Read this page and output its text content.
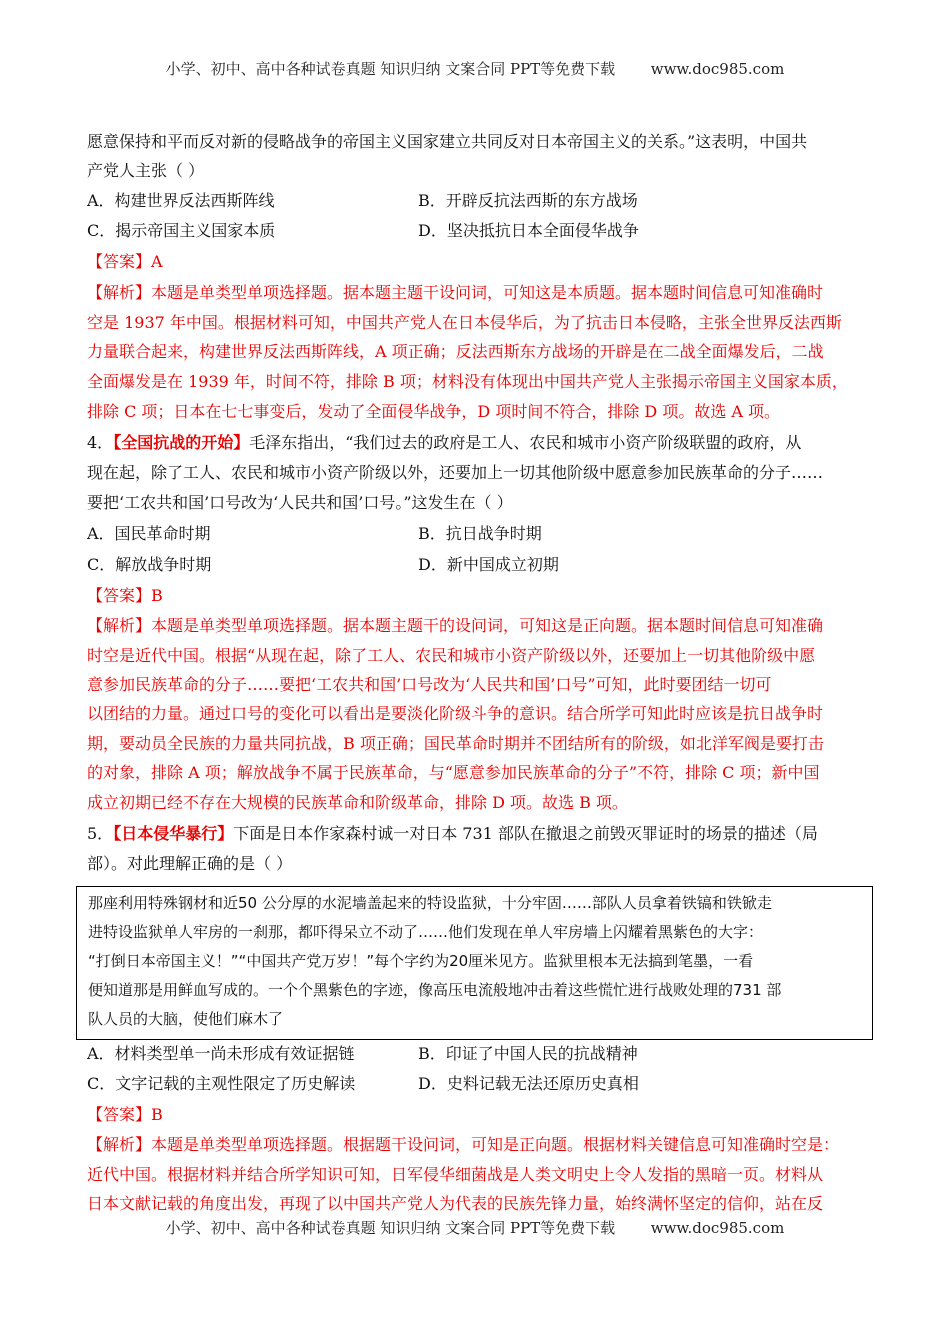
小学、初中、高中各种试卷真题 知识归纳 文案合同 PPT等免费下载 www.doc985.com
愿意保持和平而反对新的侵略战争的帝国主义国家建立共同反对日本帝国主义的关系。”这表明，中国共
产党人主张（ ）
A．构建世界反法西斯阵线	B．开辟反抗法西斯的东方战场
C．揭示帝国主义国家本质	D．坚决抵抗日本全面侵华战争
【答案】A
【解析】本题是单类型单项选择题。据本题主题干设问词，可知这是本质题。据本题时间信息可知准确时
空是 1937 年中国。根据材料可知，中国共产党人在日本侵华后，为了抗击日本侵略，主张全世界反法西斯
力量联合起来，构建世界反法西斯阵线，A 项正确；反法西斯东方战场的开辟是在二战全面爆发后，二战
全面爆发是在 1939 年，时间不符，排除 B 项；材料没有体现出中国共产党人主张揭示帝国主义国家本质，
排除 C 项；日本在七七事变后，发动了全面侵华战争，D 项时间不符合，排除 D 项。故选 A 项。
4．【全国抗战的开始】毛泽东指出，“我们过去的政府是工人、农民和城市小资产阶级联盟的政府，从
现在起，除了工人、农民和城市小资产阶级以外，还要加上一切其他阶级中愿意参加民族革命的分子……
要把‘工农共和国’口号改为‘人民共和国’口号。”这发生在（ ）
A．国民革命时期	B．抗日战争时期
C．解放战争时期	D．新中国成立初期
【答案】B
【解析】本题是单类型单项选择题。据本题主题干的设问词，可知这是正向题。据本题时间信息可知准确
时空是近代中国。根据“从现在起，除了工人、农民和城市小资产阶级以外，还要加上一切其他阶级中愿
意参加民族革命的分子……要把‘工农共和国’口号改为‘人民共和国’口号”可知，此时要团结一切可
以团结的力量。通过口号的变化可以看出是要淡化阶级斗争的意识。结合所学可知此时应该是抗日战争时
期，要动员全民族的力量共同抗战，B 项正确；国民革命时期并不团结所有的阶级，如北洋军阀是要打击
的对象，排除 A 项；解放战争不属于民族革命，与“愿意参加民族革命的分子”不符，排除 C 项；新中国
成立初期已经不存在大规模的民族革命和阶级革命，排除 D 项。故选 B 项。
5．【日本侵华暴行】下面是日本作家森村诚一对日本 731 部队在撤退之前毁灭罪证时的场景的描述（局
部）。对此理解正确的是（ ）
那座利用特殊钢材和近50 公分厚的水泥墙盖起来的特设监狱，十分牢固……部队人员拿着铁镐和铁锨走
进特设监狱单人牢房的一刹那，都吓得呆立不动了……他们发现在单人牢房墙上闪耀着黑紫色的大字：
“打倒日本帝国主义！”“中国共产党万岁！”每个字约为20厘米见方。监狱里根本无法搞到笔墨，一看
便知道那是用鲜血写成的。一个个黑紫色的字迹，像高压电流般地冲击着这些慌忙进行战败处理的731 部
队人员的大脑，使他们麻木了
A．材料类型单一尚未形成有效证据链	B．印证了中国人民的抗战精神
C．文字记载的主观性限定了历史解读	D．史料记载无法还原历史真相
【答案】B
【解析】本题是单类型单项选择题。根据题干设问词，可知是正向题。根据材料关键信息可知准确时空是：
近代中国。根据材料并结合所学知识可知，日军侵华细菌战是人类文明史上令人发指的黑暗一页。材料从
日本文献记载的角度出发，再现了以中国共产党人为代表的民族先锋力量，始终满怀坚定的信仰，站在反
小学、初中、高中各种试卷真题 知识归纳 文案合同 PPT等免费下载 www.doc985.com
